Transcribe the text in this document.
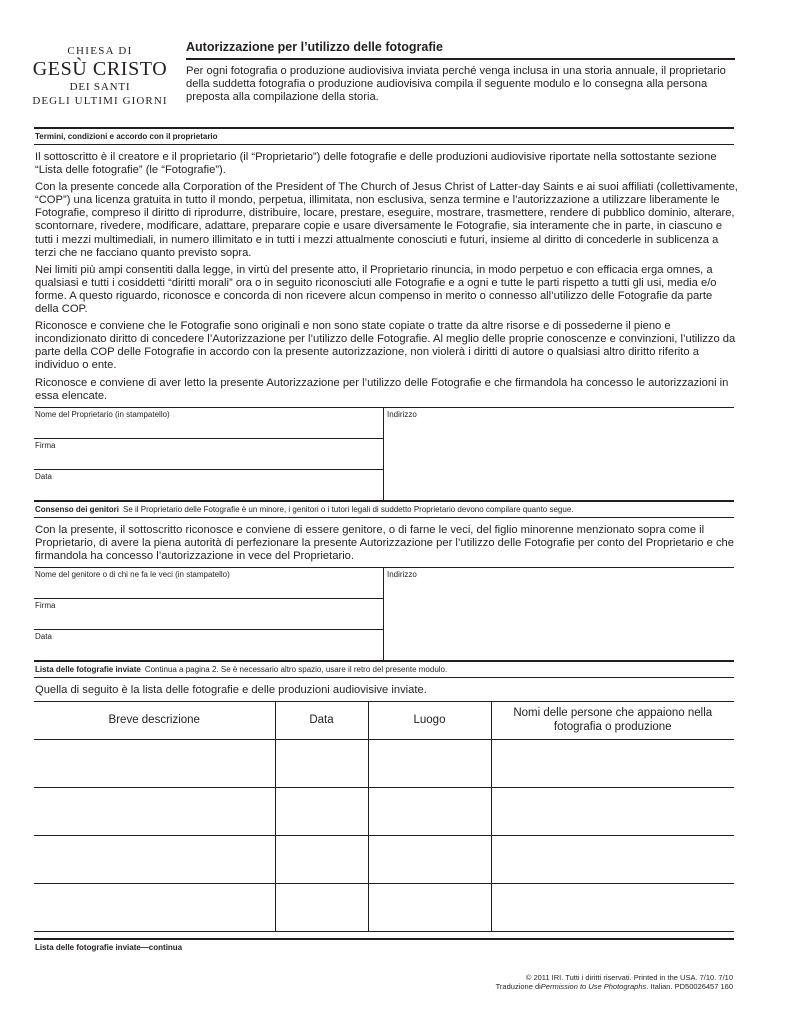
CHIESA DI
GESÙ CRISTO
DEI SANTI
DEGLI ULTIMI GIORNI
Autorizzazione per l’utilizzo delle fotografie
Per ogni fotografia o produzione audiovisiva inviata perché venga inclusa in una storia annuale, il proprietario della suddetta fotografia o produzione audiovisiva compila il seguente modulo e lo consegna alla persona preposta alla compilazione della storia.
Termini, condizioni e accordo con il proprietario

Il sottoscritto è il creatore e il proprietario (il “Proprietario”) delle fotografie e delle produzioni audiovisive riportate nella sottostante sezione “Lista delle fotografie” (le “Fotografie”).

Con la presente concede alla Corporation of the President of The Church of Jesus Christ of Latter-day Saints e ai suoi affiliati (collettivamente, “COP”) una licenza gratuita in tutto il mondo, perpetua, illimitata, non esclusiva, senza termine e l’autorizzazione a utilizzare liberamente le Fotografie, compreso il diritto di riprodurre, distribuire, locare, prestare, eseguire, mostrare, trasmettere, rendere di pubblico dominio, alterare, scontornare, rivedere, modificare, adattare, preparare copie e usare diversamente le Fotografie, sia interamente che in parte, in ciascuno e tutti i mezzi multimediali, in numero illimitato e in tutti i mezzi attualmente conosciuti e futuri, insieme al diritto di concederle in sublicenza a terzi che ne facciano quanto previsto sopra.

Nei limiti più ampi consentiti dalla legge, in virtù del presente atto, il Proprietario rinuncia, in modo perpetuo e con efficacia erga omnes, a qualsiasi e tutti i cosiddetti “diritti morali” ora o in seguito riconosciuti alle Fotografie e a ogni e tutte le parti rispetto a tutti gli usi, media e/o forme. A questo riguardo, riconosce e concorda di non ricevere alcun compenso in merito o connesso all’utilizzo delle Fotografie da parte della COP.

Riconosce e conviene che le Fotografie sono originali e non sono state copiate o tratte da altre risorse e di possederne il pieno e incondizionato diritto di concedere l’Autorizzazione per l’utilizzo delle Fotografie. Al meglio delle proprie conoscenze e convinzioni, l’utilizzo da parte della COP delle Fotografie in accordo con la presente autorizzazione, non violerà i diritti di autore o qualsiasi altro diritto riferito a individuo o ente.

Riconosce e conviene di aver letto la presente Autorizzazione per l’utilizzo delle Fotografie e che firmandola ha concesso le autorizzazioni in essa elencate.

Nome del Proprietario (in stampatello)	Indirizzo
Firma
Data
Consenso dei genitori Se il Proprietario delle Fotografie è un minore, i genitori o i tutori legali di suddetto Proprietario devono compilare quanto segue.
Con la presente, il sottoscritto riconosce e conviene di essere genitore, o di farne le veci, del figlio minorenne menzionato sopra come il Proprietario, di avere la piena autorità di perfezionare la presente Autorizzazione per l’utilizzo delle Fotografie per conto del Proprietario e che firmandola ha concesso l’autorizzazione in vece del Proprietario.
Nome del genitore o di chi ne fa le veci (in stampatello)	Indirizzo
Firma
Data
Lista delle fotografie inviate Continua a pagina 2. Se è necessario altro spazio, usare il retro del presente modulo.
Quella di seguito è la lista delle fotografie e delle produzioni audiovisive inviate.
Breve descrizione	Data	Luogo	Nomi delle persone che appaiono nella fotografia o produzione

Lista delle fotografie inviate—continua
© 2011 IRI. Tutti i diritti riservati. Printed in the USA. 7/10. 7/10
Traduzione diPermission to Use Photographs. Italian. PD50026457 160
